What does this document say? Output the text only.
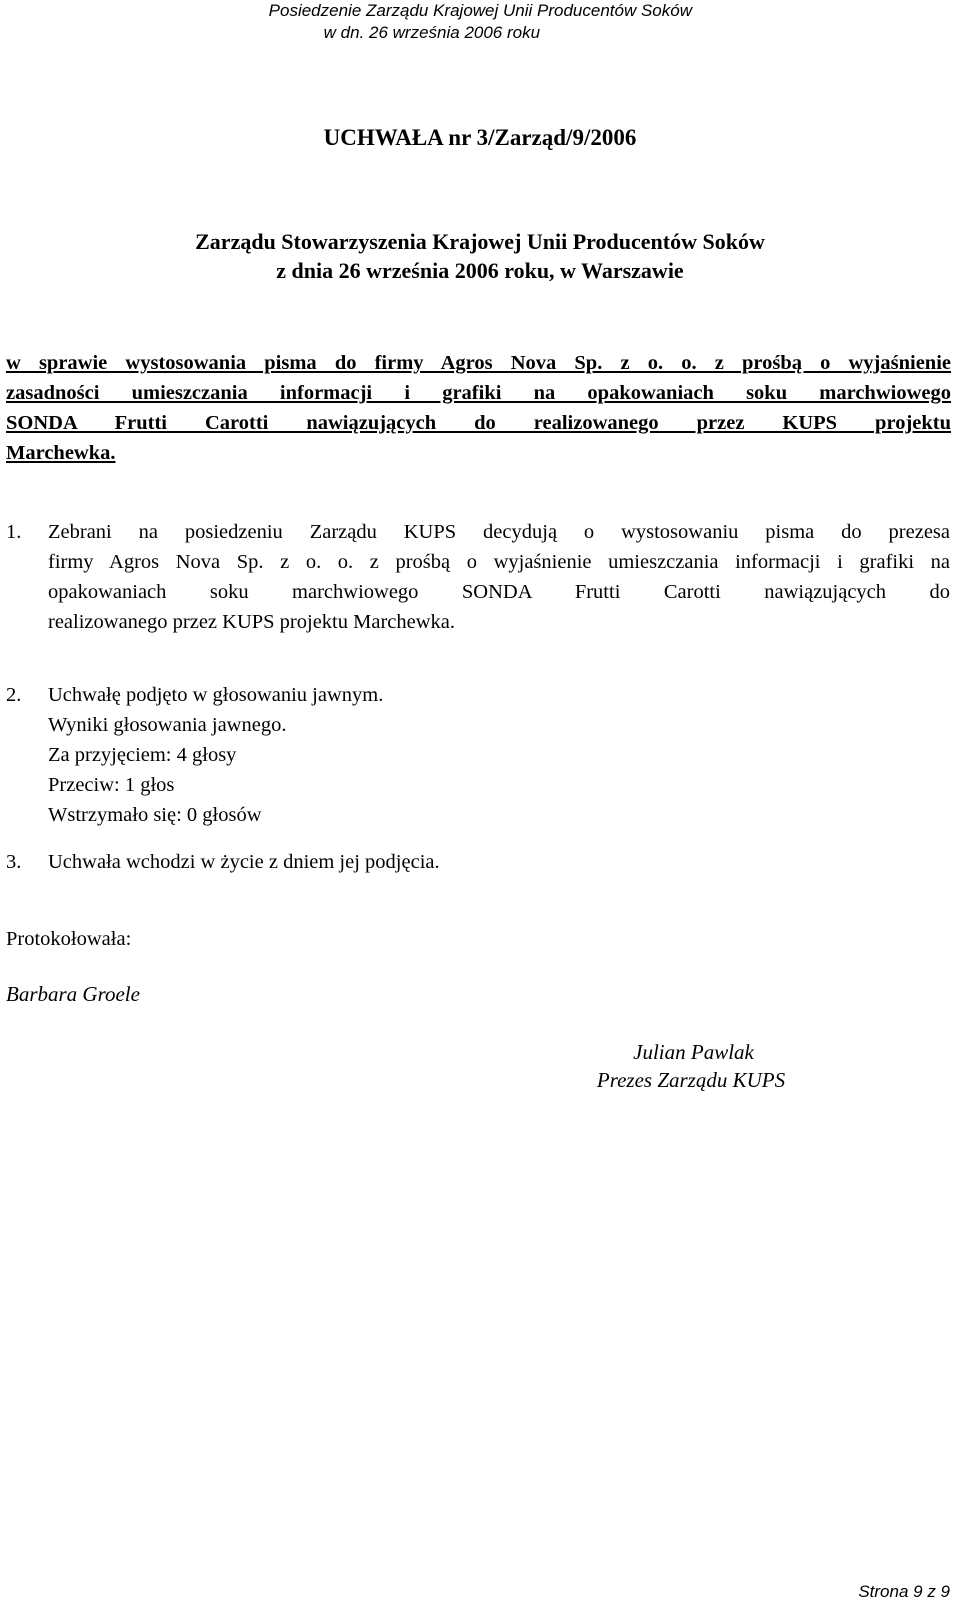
Posiedzenie Zarządu Krajowej Unii Producentów Soków
w dn. 26 września 2006 roku
UCHWAŁA nr 3/Zarząd/9/2006
Zarządu Stowarzyszenia Krajowej Unii Producentów Soków
z dnia 26 września 2006 roku, w Warszawie
w sprawie wystosowania pisma do firmy Agros Nova Sp. z o. o. z prośbą o wyjaśnienie
zasadności umieszczania informacji i grafiki na opakowaniach soku marchwiowego
SONDA Frutti Carotti nawiązujących do realizowanego przez KUPS projektu
Marchewka.
1. Zebrani na posiedzeniu Zarządu KUPS decydują o wystosowaniu pisma do prezesa
firmy Agros Nova Sp. z o. o. z prośbą o wyjaśnienie umieszczania informacji i grafiki na
opakowaniach soku marchwiowego SONDA Frutti Carotti nawiązujących do
realizowanego przez KUPS projektu Marchewka.
2. Uchwałę podjęto w głosowaniu jawnym.
Wyniki głosowania jawnego.
Za przyjęciem: 4 głosy
Przeciw: 1 głos
Wstrzymało się: 0 głosów
3. Uchwała wchodzi w życie z dniem jej podjęcia.
Protokołowała:
Barbara Groele
Julian Pawlak
Prezes Zarządu KUPS
Strona 9 z 9
